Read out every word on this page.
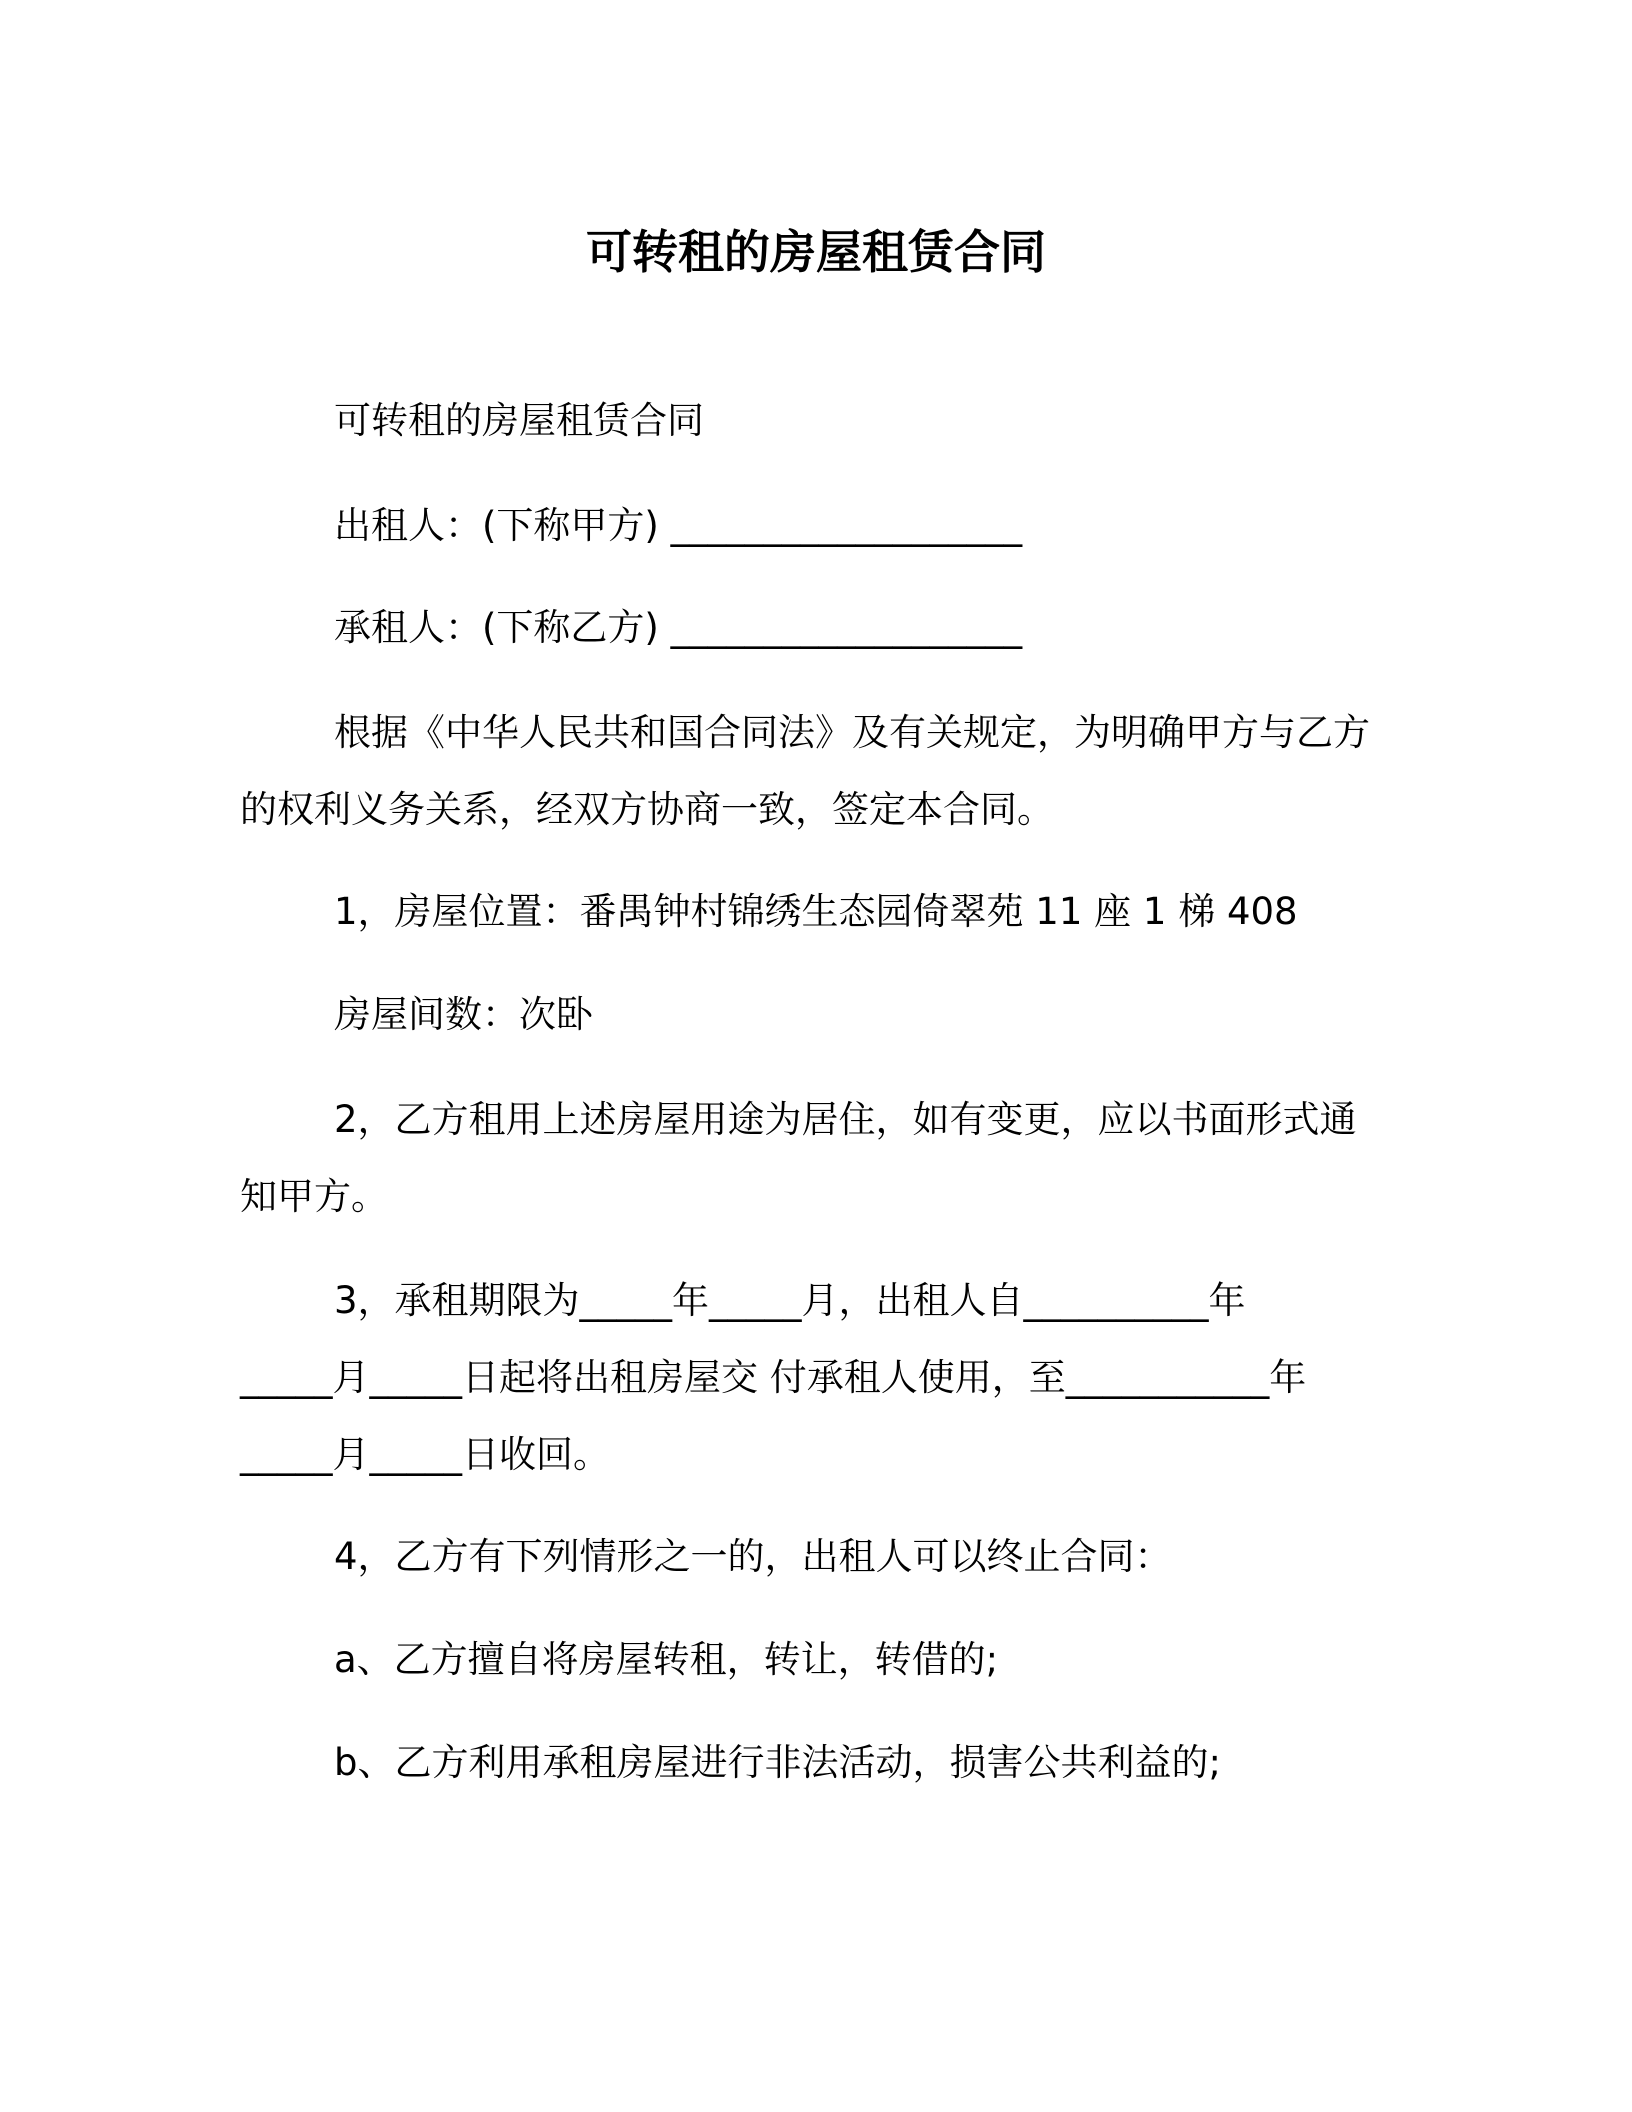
可转租的房屋租赁合同
可转租的房屋租赁合同
出租人：(下称甲方) ___________________
承租人：(下称乙方) ___________________
根据《中华人民共和国合同法》及有关规定，为明确甲方与乙方
的权利义务关系，经双方协商一致，签定本合同。
1，房屋位置：番禺钟村锦绣生态园倚翠苑 11 座 1 梯 408
房屋间数：次卧
2，乙方租用上述房屋用途为居住，如有变更，应以书面形式通
知甲方。
3，承租期限为_____年_____月，出租人自__________年
_____月_____日起将出租房屋交 付承租人使用，至___________年
_____月_____日收回。
4，乙方有下列情形之一的，出租人可以终止合同：
a、乙方擅自将房屋转租，转让，转借的;
b、乙方利用承租房屋进行非法活动，损害公共利益的;
